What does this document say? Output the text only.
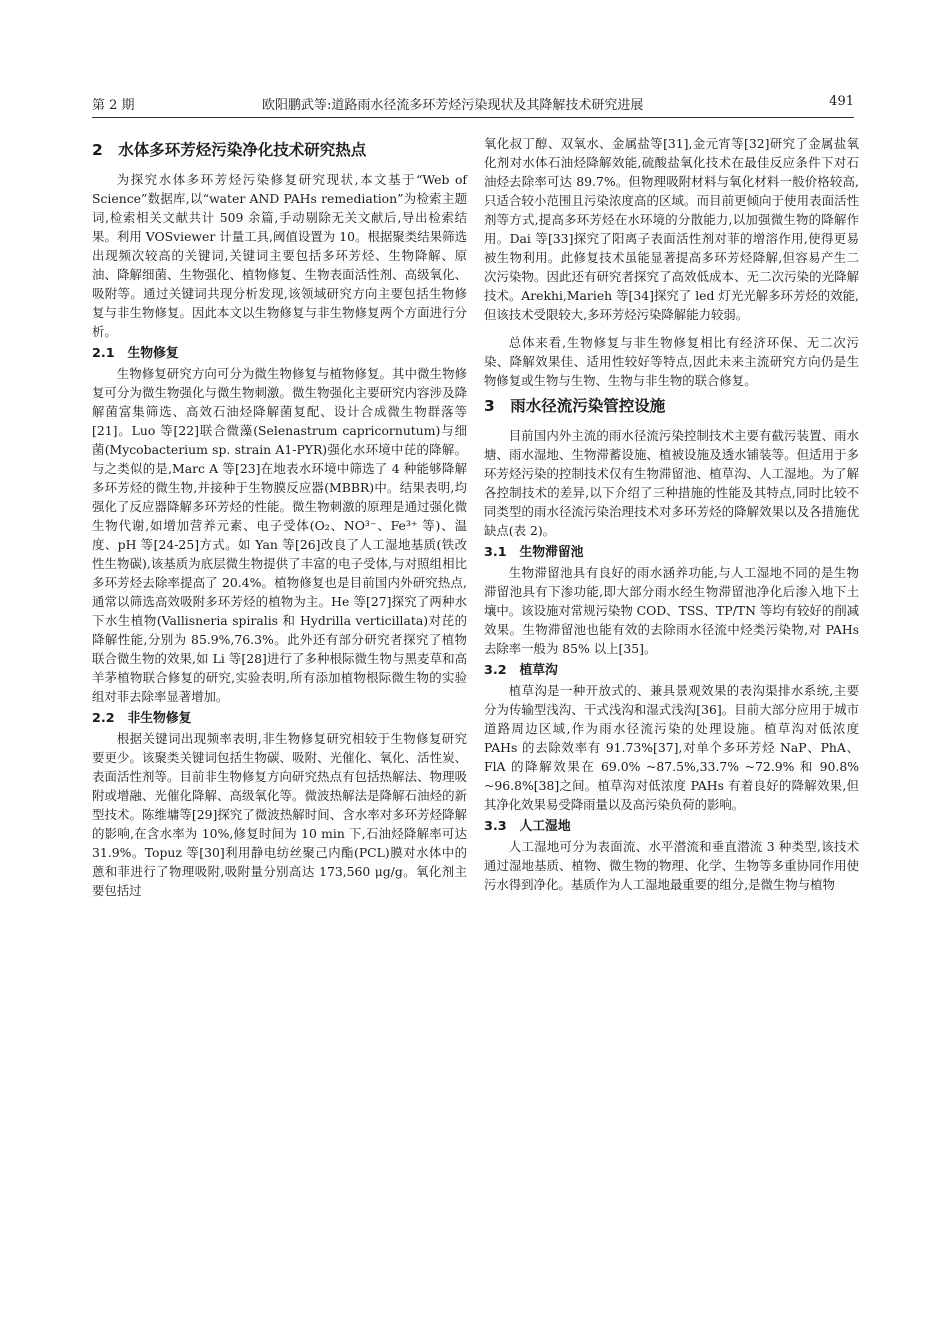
第 2 期	欧阳鹏武等:道路雨水径流多环芳烃污染现状及其降解技术研究进展	491
2　水体多环芳烃污染净化技术研究热点

为探究水体多环芳烃污染修复研究现状,本文基于“Web of Science”数据库,以“water AND PAHs remediation”为检索主题词,检索相关文献共计 509 余篇,手动剔除无关文献后,导出检索结果。利用 VOSviewer 计量工具,阈值设置为 10。根据聚类结果筛选出现频次较高的关键词,关键词主要包括多环芳烃、生物降解、原油、降解细菌、生物强化、植物修复、生物表面活性剂、高级氧化、吸附等。通过关键词共现分析发现,该领域研究方向主要包括生物修复与非生物修复。因此本文以生物修复与非生物修复两个方面进行分析。

2.1　生物修复

生物修复研究方向可分为微生物修复与植物修复。其中微生物修复可分为微生物强化与微生物刺激。微生物强化主要研究内容涉及降解菌富集筛选、高效石油烃降解菌复配、设计合成微生物群落等[21]。Luo 等[22]联合微藻(Selenastrum capricornutum)与细菌(Mycobacterium sp. strain A1-PYR)强化水环境中芘的降解。与之类似的是,Marc A 等[23]在地表水环境中筛选了 4 种能够降解多环芳烃的微生物,并接种于生物膜反应器(MBBR)中。结果表明,均强化了反应器降解多环芳烃的性能。微生物刺激的原理是通过强化微生物代谢,如增加营养元素、电子受体(O₂、NO³⁻、Fe³⁺ 等)、温度、pH 等[24-25]方式。如 Yan 等[26]改良了人工湿地基质(铁改性生物碳),该基质为底层微生物提供了丰富的电子受体,与对照组相比多环芳烃去除率提高了 20.4%。植物修复也是目前国内外研究热点,通常以筛选高效吸附多环芳烃的植物为主。He 等[27]探究了两种水下水生植物(Vallisneria spiralis 和 Hydrilla verticillata)对芘的降解性能,分别为 85.9%,76.3%。此外还有部分研究者探究了植物联合微生物的效果,如 Li 等[28]进行了多种根际微生物与黑麦草和高羊茅植物联合修复的研究,实验表明,所有添加植物根际微生物的实验组对菲去除率显著增加。

2.2　非生物修复

根据关键词出现频率表明,非生物修复研究相较于生物修复研究要更少。该聚类关键词包括生物碳、吸附、光催化、氧化、活性炭、表面活性剂等。目前非生物修复方向研究热点有包括热解法、物理吸附或增融、光催化降解、高级氧化等。微波热解法是降解石油烃的新型技术。陈维墉等[29]探究了微波热解时间、含水率对多环芳烃降解的影响,在含水率为 10%,修复时间为 10 min 下,石油烃降解率可达 31.9%。Topuz 等[30]利用静电纺丝聚己内酯(PCL)膜对水体中的蒽和菲进行了物理吸附,吸附量分别高达 173,560 μg/g。氧化剂主要包括过

氧化叔丁醇、双氧水、金属盐等[31],金元宵等[32]研究了金属盐氧化剂对水体石油烃降解效能,硫酸盐氧化技术在最佳反应条件下对石油烃去除率可达 89.7%。但物理吸附材料与氧化材料一般价格较高,只适合较小范围且污染浓度高的区域。而目前更倾向于使用表面活性剂等方式,提高多环芳烃在水环境的分散能力,以加强微生物的降解作用。Dai 等[33]探究了阳离子表面活性剂对菲的增溶作用,使得更易被生物利用。此修复技术虽能显著提高多环芳烃降解,但容易产生二次污染物。因此还有研究者探究了高效低成本、无二次污染的光降解技术。Arekhi,Marieh 等[34]探究了 led 灯光光解多环芳烃的效能,但该技术受限较大,多环芳烃污染降解能力较弱。

总体来看,生物修复与非生物修复相比有经济环保、无二次污染、降解效果佳、适用性较好等特点,因此未来主流研究方向仍是生物修复或生物与生物、生物与非生物的联合修复。

3　雨水径流污染管控设施

目前国内外主流的雨水径流污染控制技术主要有截污装置、雨水塘、雨水湿地、生物滞蓄设施、植被设施及透水铺装等。但适用于多环芳烃污染的控制技术仅有生物滞留池、植草沟、人工湿地。为了解各控制技术的差异,以下介绍了三种措施的性能及其特点,同时比较不同类型的雨水径流污染治理技术对多环芳烃的降解效果以及各措施优缺点(表 2)。

3.1　生物滞留池

生物滞留池具有良好的雨水涵养功能,与人工湿地不同的是生物滞留池具有下渗功能,即大部分雨水经生物滞留池净化后渗入地下土壤中。该设施对常规污染物 COD、TSS、TP/TN 等均有较好的削减效果。生物滞留池也能有效的去除雨水径流中烃类污染物,对 PAHs 去除率一般为 85% 以上[35]。

3.2　植草沟

植草沟是一种开放式的、兼具景观效果的表沟渠排水系统,主要分为传输型浅沟、干式浅沟和湿式浅沟[36]。目前大部分应用于城市道路周边区域,作为雨水径流污染的处理设施。植草沟对低浓度 PAHs 的去除效率有 91.73%[37],对单个多环芳烃 NaP、PhA、FlA 的降解效果在 69.0% ~87.5%,33.7% ~72.9% 和 90.8% ~96.8%[38]之间。植草沟对低浓度 PAHs 有着良好的降解效果,但其净化效果易受降雨量以及高污染负荷的影响。

3.3　人工湿地

人工湿地可分为表面流、水平潜流和垂直潜流 3 种类型,该技术通过湿地基质、植物、微生物的物理、化学、生物等多重协同作用使污水得到净化。基质作为人工湿地最重要的组分,是微生物与植物
